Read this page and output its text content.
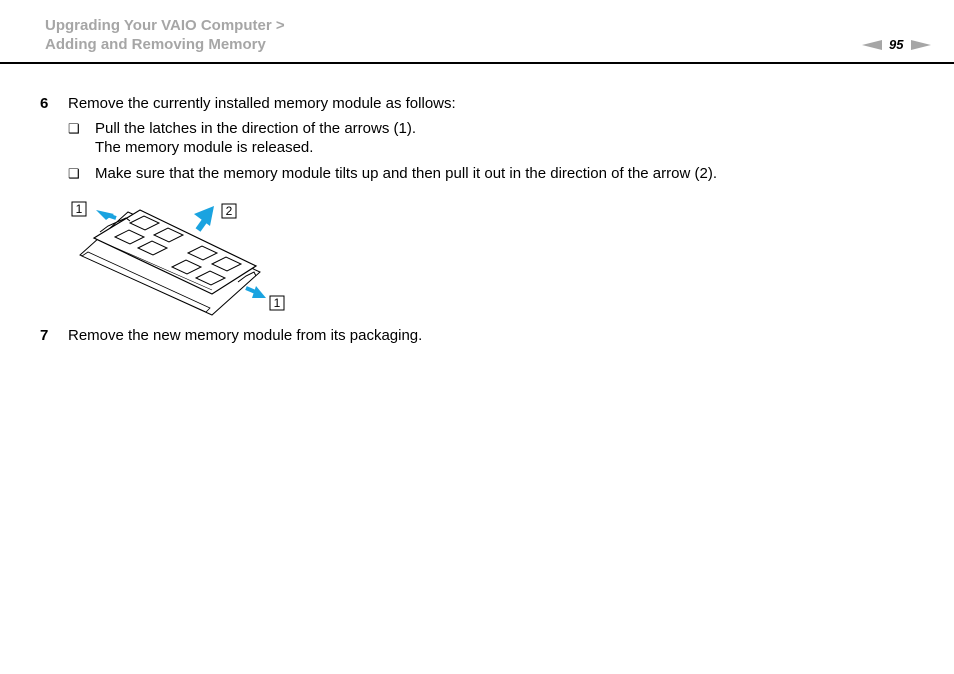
Upgrading Your VAIO Computer >
Adding and Removing Memory	95
6 Remove the currently installed memory module as follows:
❑ Pull the latches in the direction of the arrows (1).
The memory module is released.
❑ Make sure that the memory module tilts up and then pull it out in the direction of the arrow (2).
1	2
1
7 Remove the new memory module from its packaging.
